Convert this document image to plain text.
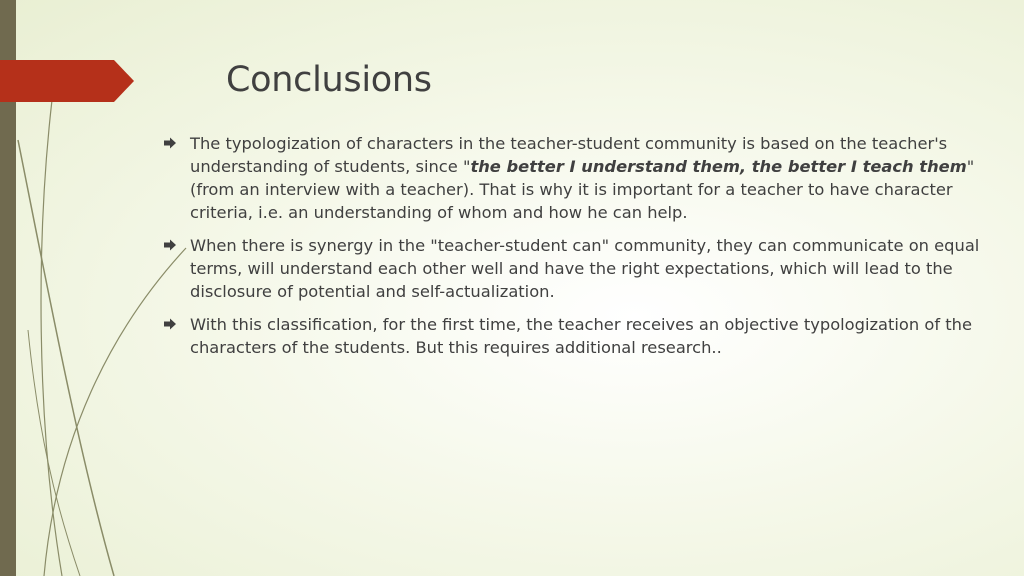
Conclusions
The typologization of characters in the teacher-student community is based on the teacher's understanding of students, since "the better I understand them, the better I teach them" (from an interview with a teacher). That is why it is important for a teacher to have character criteria, i.e. an understanding of whom and how he can help.
When there is synergy in the "teacher-student can" community, they can communicate on equal terms, will understand each other well and have the right expectations, which will lead to the disclosure of potential and self-actualization.
With this classification, for the first time, the teacher receives an objective typologization of the characters of the students. But this requires additional research..
